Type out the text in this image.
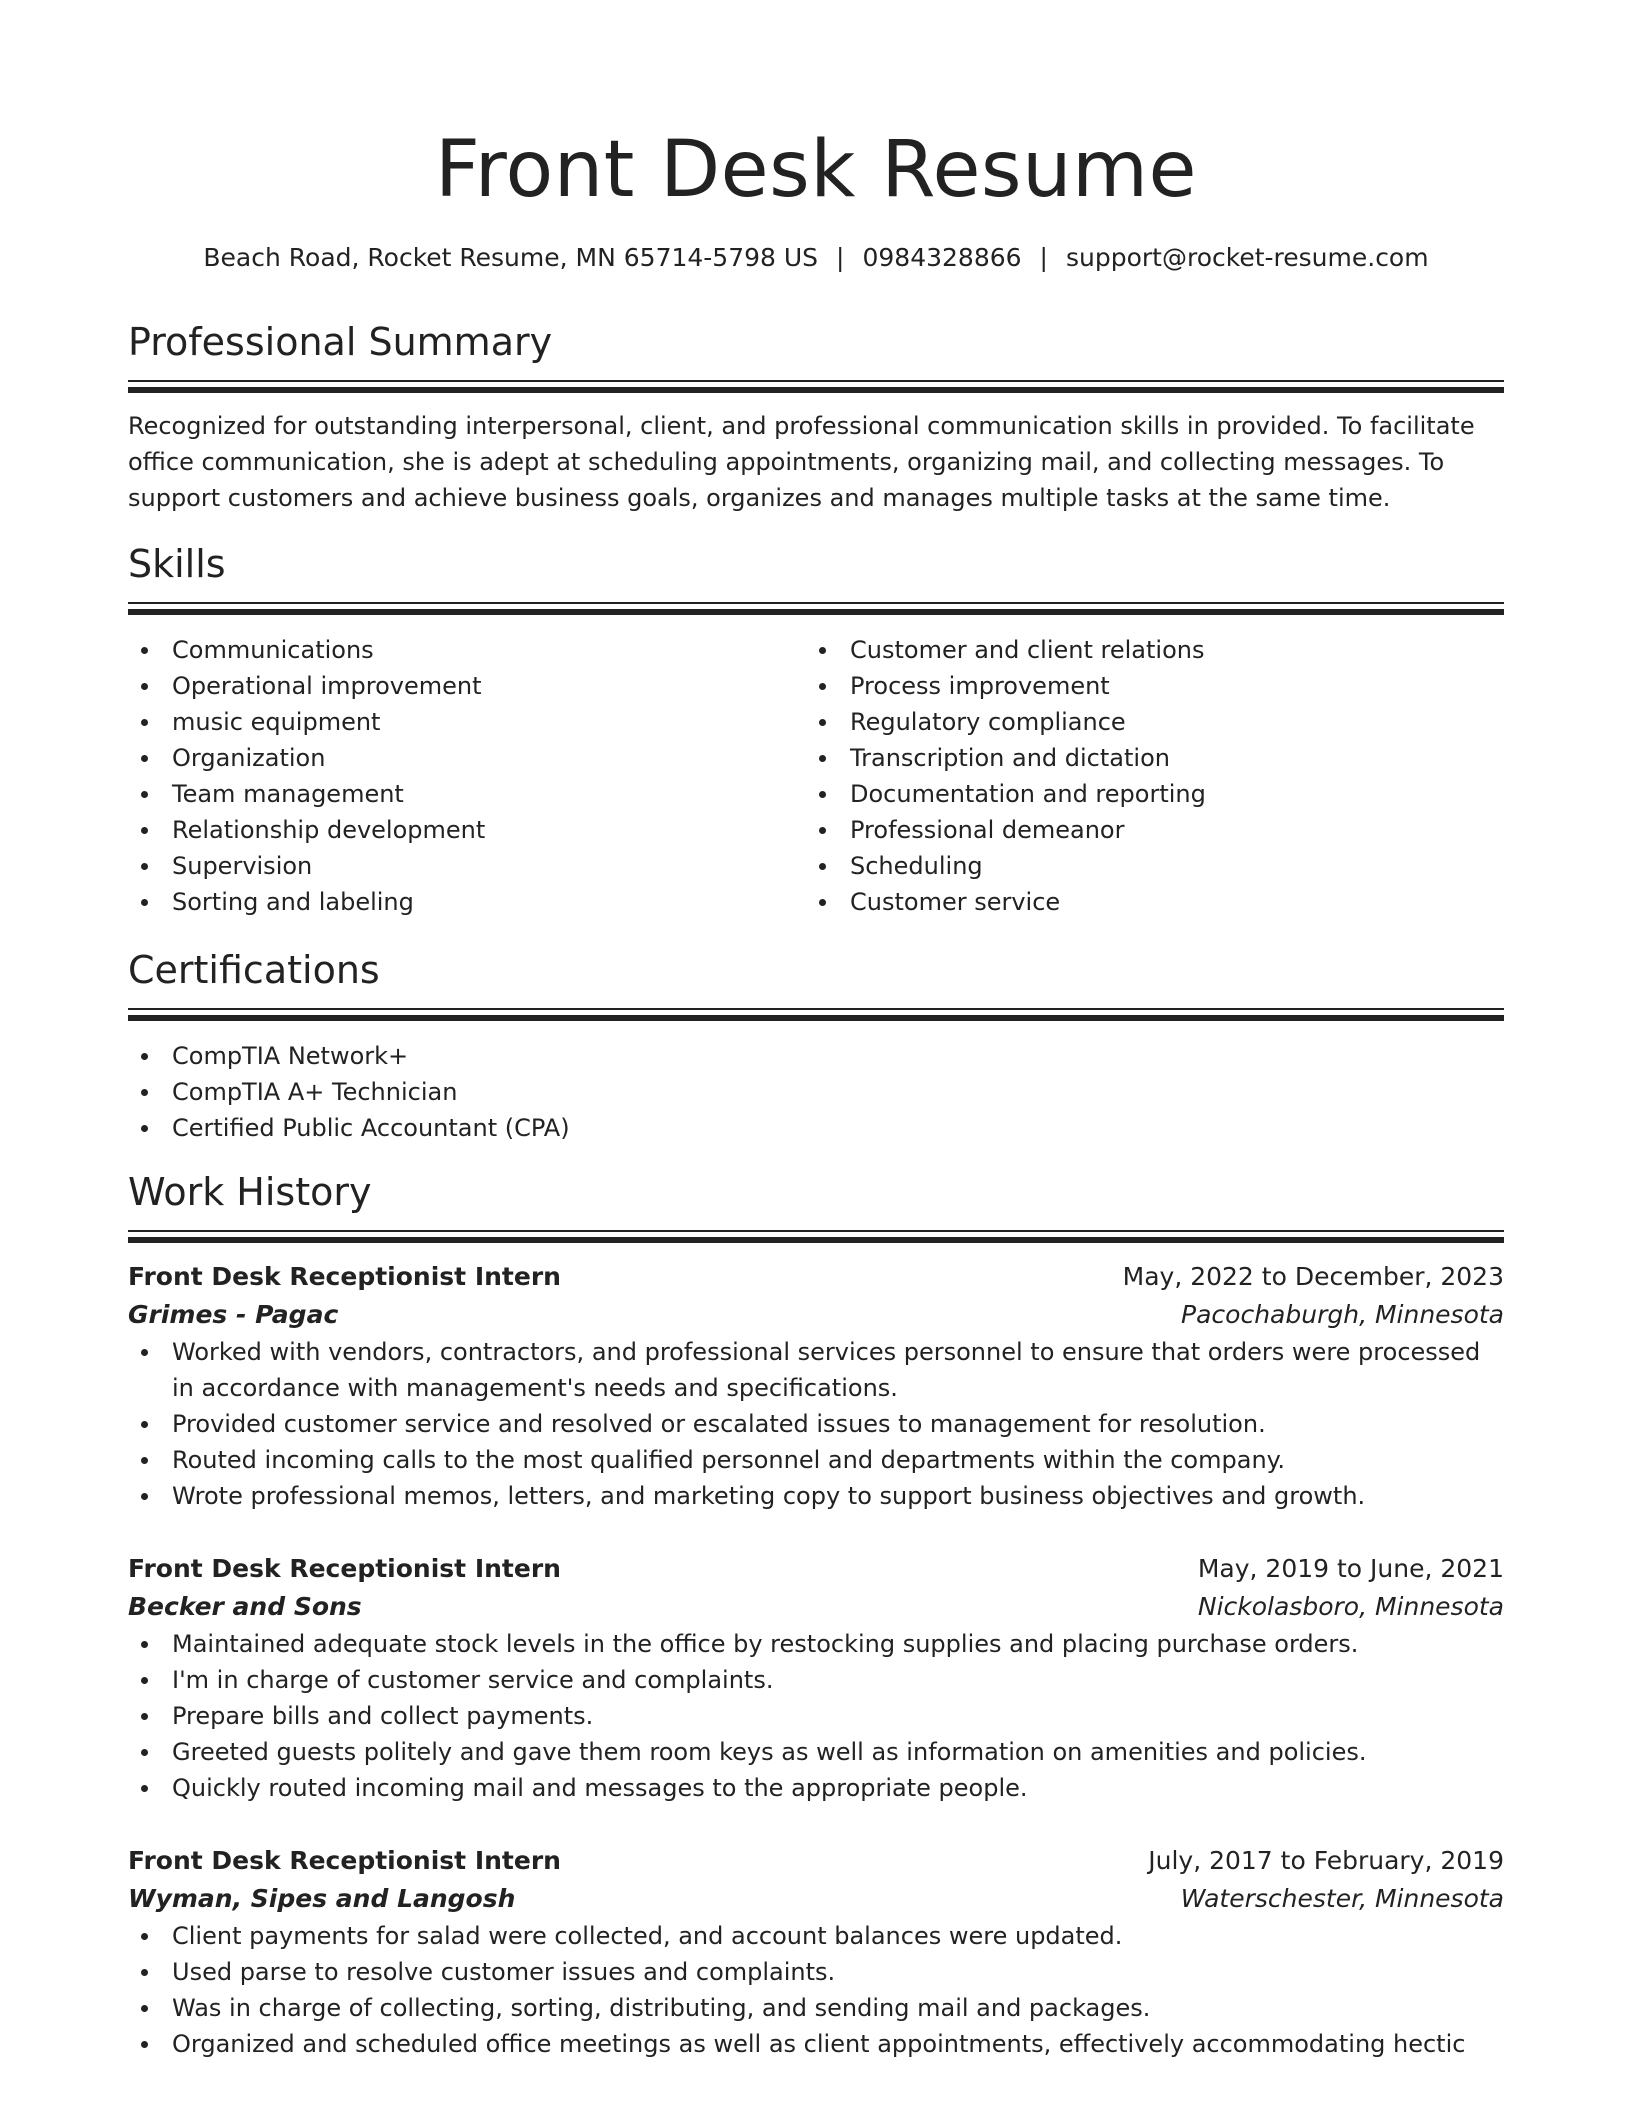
Front Desk Resume
Beach Road, Rocket Resume, MN 65714-5798 US | 0984328866 | support@rocket-resume.com
Professional Summary
Recognized for outstanding interpersonal, client, and professional communication skills in provided. To facilitate office communication, she is adept at scheduling appointments, organizing mail, and collecting messages. To support customers and achieve business goals, organizes and manages multiple tasks at the same time.
Skills
Communications
Operational improvement
music equipment
Organization
Team management
Relationship development
Supervision
Sorting and labeling
Customer and client relations
Process improvement
Regulatory compliance
Transcription and dictation
Documentation and reporting
Professional demeanor
Scheduling
Customer service
Certifications
CompTIA Network+
CompTIA A+ Technician
Certified Public Accountant (CPA)
Work History
Front Desk Receptionist Intern	May, 2022 to December, 2023
Grimes - Pagac	Pacochaburgh, Minnesota
Worked with vendors, contractors, and professional services personnel to ensure that orders were processed in accordance with management's needs and specifications.
Provided customer service and resolved or escalated issues to management for resolution.
Routed incoming calls to the most qualified personnel and departments within the company.
Wrote professional memos, letters, and marketing copy to support business objectives and growth.
Front Desk Receptionist Intern	May, 2019 to June, 2021
Becker and Sons	Nickolasboro, Minnesota
Maintained adequate stock levels in the office by restocking supplies and placing purchase orders.
I'm in charge of customer service and complaints.
Prepare bills and collect payments.
Greeted guests politely and gave them room keys as well as information on amenities and policies.
Quickly routed incoming mail and messages to the appropriate people.
Front Desk Receptionist Intern	July, 2017 to February, 2019
Wyman, Sipes and Langosh	Waterschester, Minnesota
Client payments for salad were collected, and account balances were updated.
Used parse to resolve customer issues and complaints.
Was in charge of collecting, sorting, distributing, and sending mail and packages.
Organized and scheduled office meetings as well as client appointments, effectively accommodating hectic
